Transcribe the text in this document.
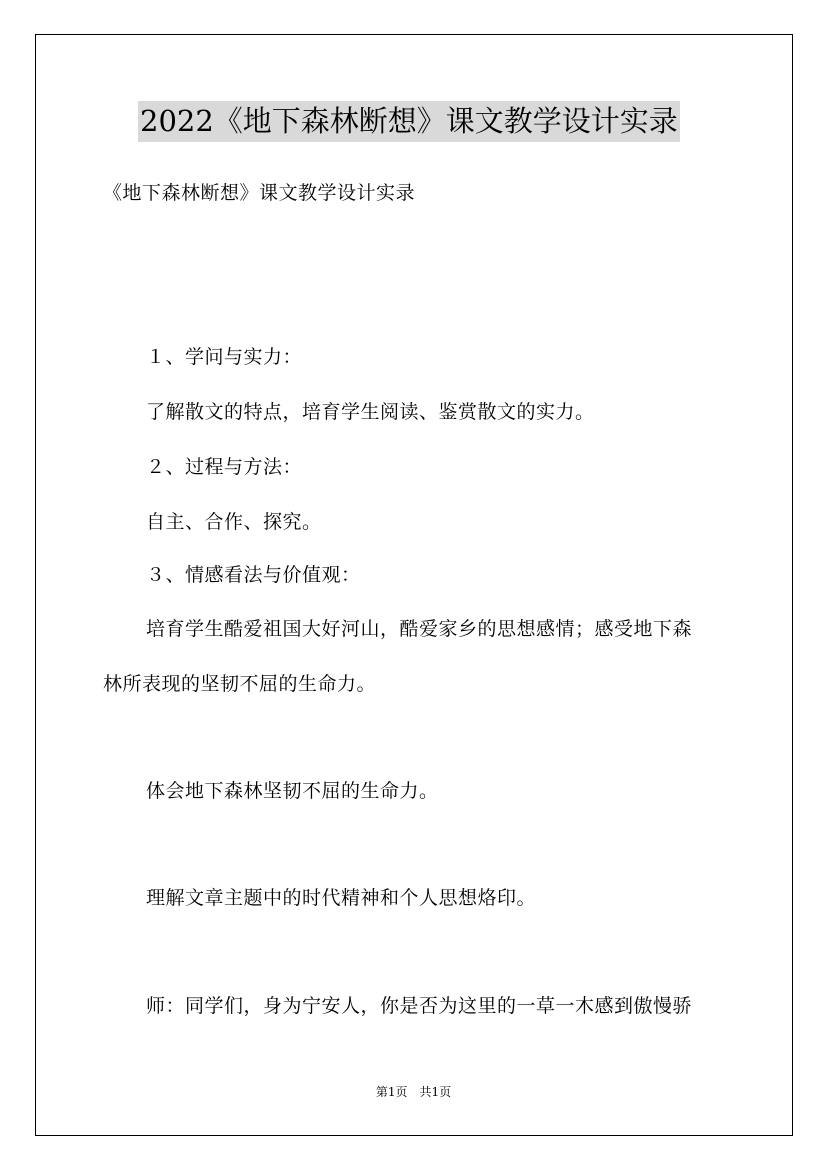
2022《地下森林断想》课文教学设计实录
《地下森林断想》课文教学设计实录
１、学问与实力：
了解散文的特点，培育学生阅读、鉴赏散文的实力。
２、过程与方法：
自主、合作、探究。
３、情感看法与价值观：
培育学生酷爱祖国大好河山，酷爱家乡的思想感情；感受地下森
林所表现的坚韧不屈的生命力。
体会地下森林坚韧不屈的生命力。
理解文章主题中的时代精神和个人思想烙印。
师：同学们，身为宁安人，你是否为这里的一草一木感到傲慢骄
第1页　共1页
